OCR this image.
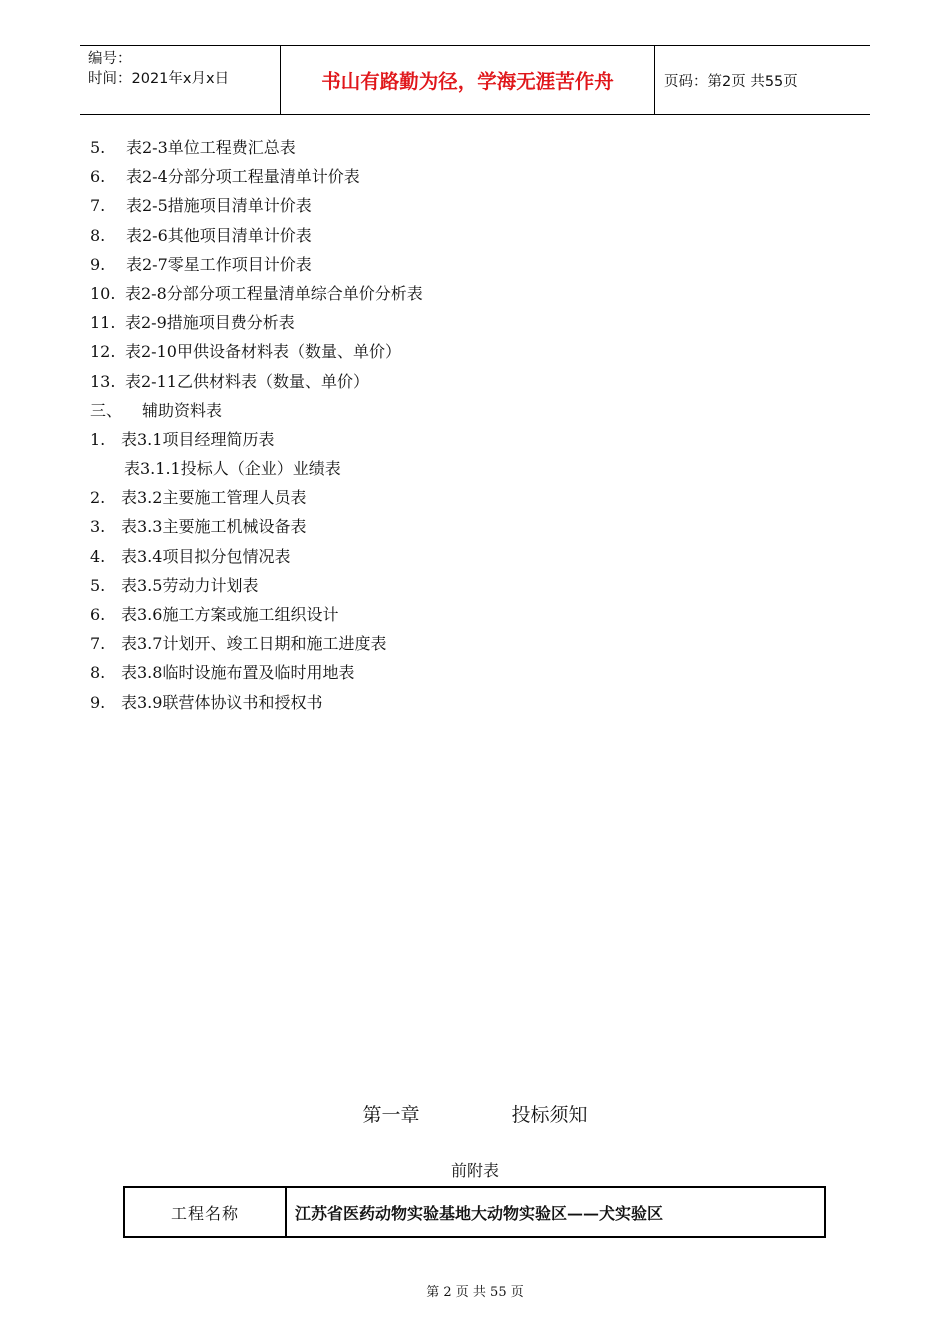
编号：
时间：2021年x月x日	书山有路勤为径，学海无涯苦作舟	页码：第2页 共55页
5.	表2-3单位工程费汇总表
6.	表2-4分部分项工程量清单计价表
7.	表2-5措施项目清单计价表
8.	表2-6其他项目清单计价表
9.	表2-7零星工作项目计价表
10. 表2-8分部分项工程量清单综合单价分析表
11. 表2-9措施项目费分析表
12. 表2-10甲供设备材料表（数量、单价）
13. 表2-11乙供材料表（数量、单价）
三、	辅助资料表
1. 表3.1项目经理简历表
表3.1.1投标人（企业）业绩表
2. 表3.2主要施工管理人员表
3. 表3.3主要施工机械设备表
4. 表3.4项目拟分包情况表
5. 表3.5劳动力计划表
6. 表3.6施工方案或施工组织设计
7. 表3.7计划开、竣工日期和施工进度表
8. 表3.8临时设施布置及临时用地表
9. 表3.9联营体协议书和授权书
第一章	投标须知
前附表
工程名称	江苏省医药动物实验基地大动物实验区——犬实验区
第 2 页 共 55 页
